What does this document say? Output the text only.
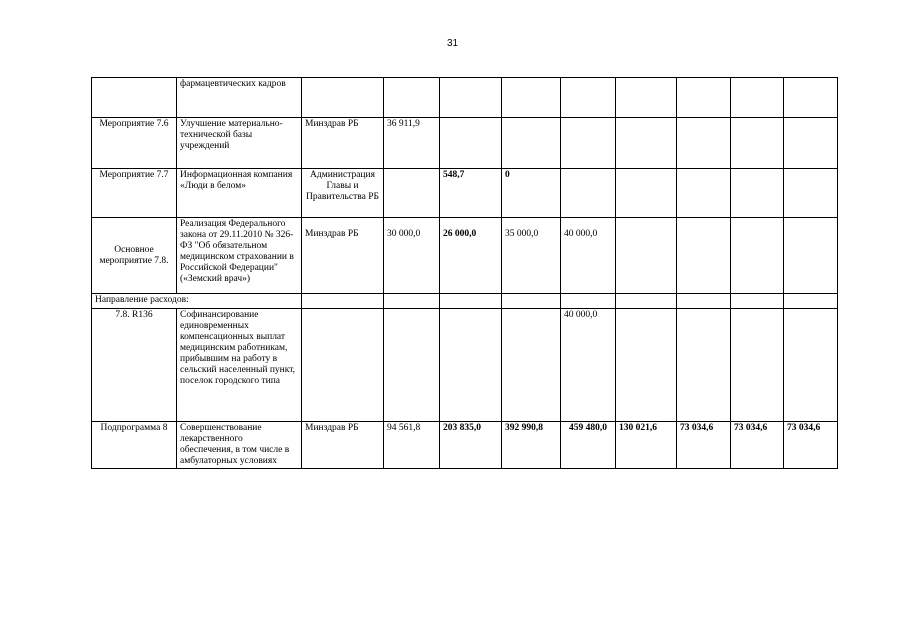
31
	фармацевтических кадров									
Мероприятие 7.6	Улучшение материально-технической базы учреждений	Минздрав РБ	36 911,9							
Мероприятие 7.7	Информационная компания «Люди в белом»	Администрация Главы и Правительства РБ		548,7	0					
Основное мероприятие 7.8.	Реализация Федерального закона от 29.11.2010 № 326-ФЗ "Об обязательном медицинском страховании в Российской Федерации" («Земский врач»)	Минздрав РБ	30 000,0	26 000,0	35 000,0	40 000,0				
Направление расходов:										
7.8. R136	Софинансирование единовременных компенсационных выплат медицинским работникам, прибывшим на работу в сельский населенный пункт, поселок городского типа					40 000,0				
Подпрограмма 8	Совершенствование лекарственного обеспечения, в том числе в амбулаторных условиях	Минздрав РБ	94 561,8	203 835,0	392 990,8	459 480,0	130 021,6	73 034,6	73 034,6	73 034,6
